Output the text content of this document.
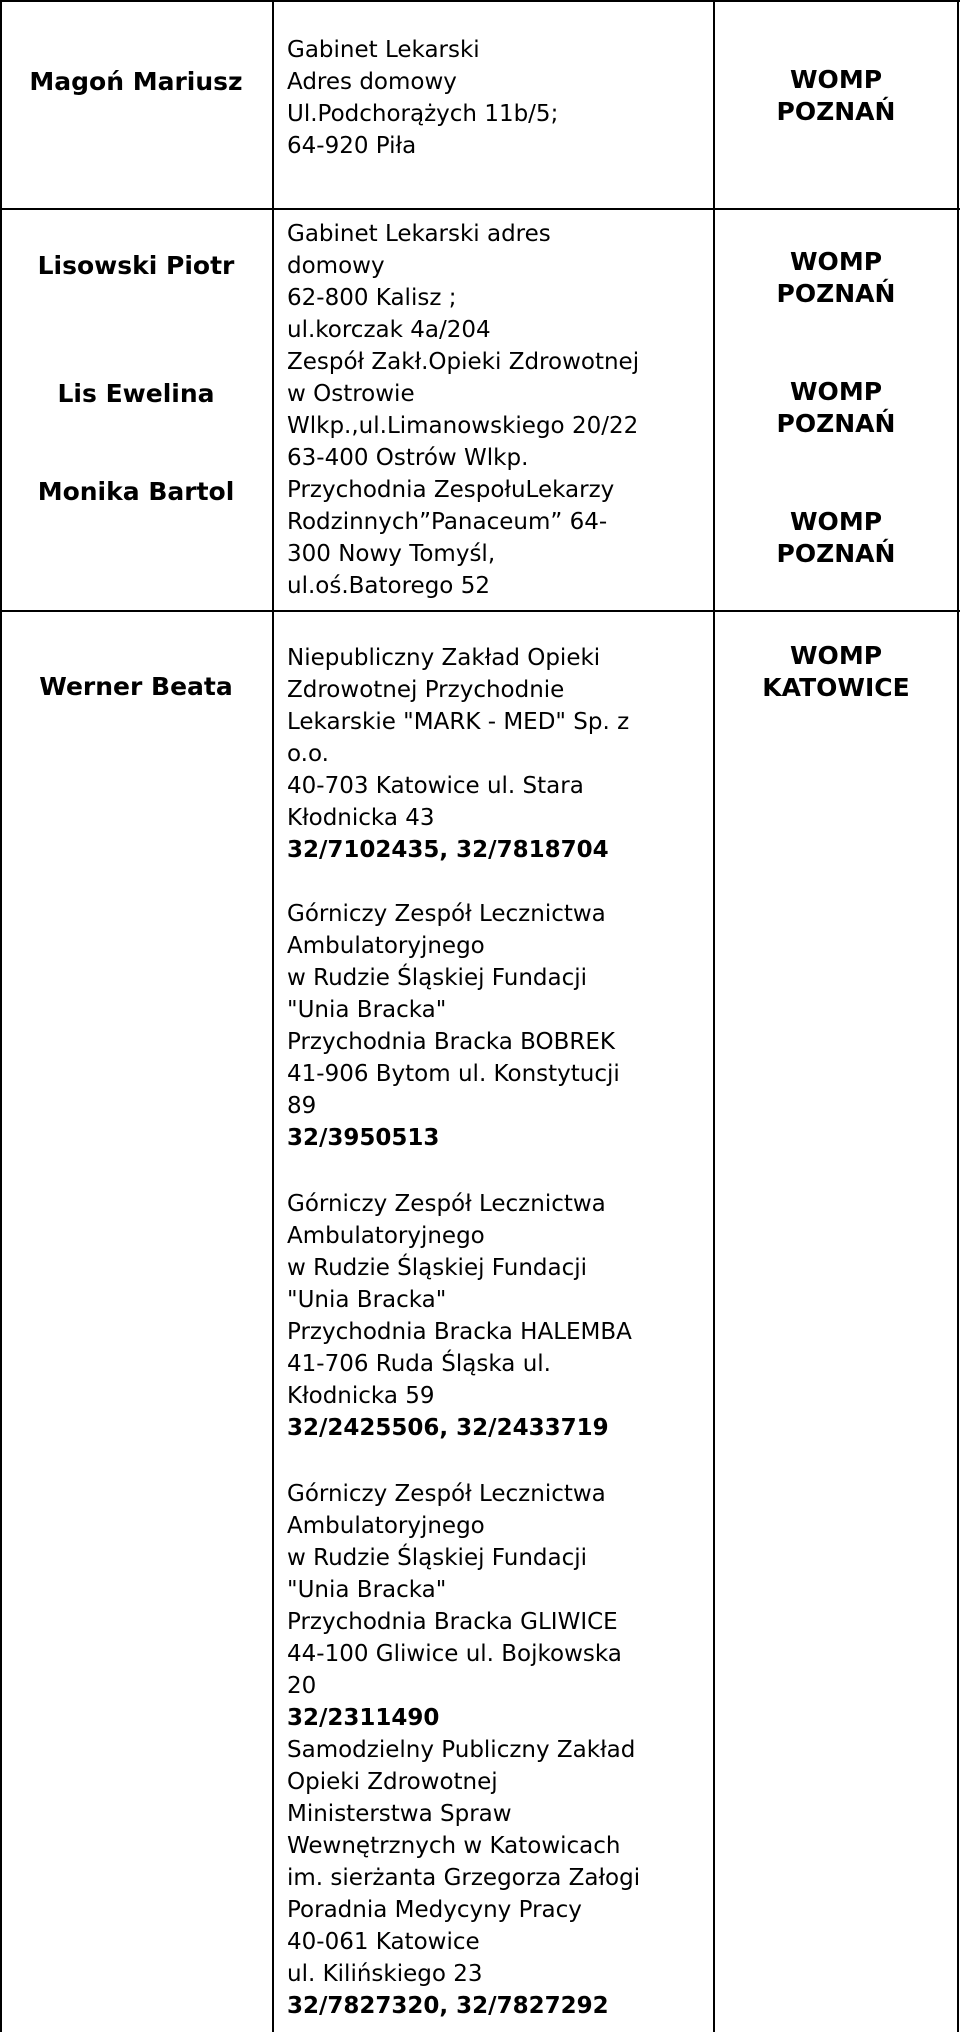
Magoń Mariusz
Gabinet Lekarski
Adres domowy
Ul.Podchorążych 11b/5;
64-920 Piła
WOMP
POZNAŃ
Lisowski Piotr
Lis Ewelina
Monika Bartol
Gabinet Lekarski adres
domowy
62-800 Kalisz ;
ul.korczak 4a/204
Zespół Zakł.Opieki Zdrowotnej
w Ostrowie
Wlkp.,ul.Limanowskiego 20/22
63-400 Ostrów Wlkp.
Przychodnia ZespołuLekarzy
Rodzinnych”Panaceum” 64-
300 Nowy Tomyśl,
ul.oś.Batorego 52
WOMP
POZNAŃ
WOMP
POZNAŃ
WOMP
POZNAŃ
Werner Beata
WOMP
KATOWICE
Niepubliczny Zakład Opieki
Zdrowotnej Przychodnie
Lekarskie "MARK - MED" Sp. z
o.o.
40-703 Katowice ul. Stara
Kłodnicka 43
32/7102435, 32/7818704
Górniczy Zespół Lecznictwa
Ambulatoryjnego
w Rudzie Śląskiej Fundacji
"Unia Bracka"
Przychodnia Bracka BOBREK
41-906 Bytom ul. Konstytucji
89
32/3950513
Górniczy Zespół Lecznictwa
Ambulatoryjnego
w Rudzie Śląskiej Fundacji
"Unia Bracka"
Przychodnia Bracka HALEMBA
41-706 Ruda Śląska ul.
Kłodnicka 59
32/2425506, 32/2433719
Górniczy Zespół Lecznictwa
Ambulatoryjnego
w Rudzie Śląskiej Fundacji
"Unia Bracka"
Przychodnia Bracka GLIWICE
44-100 Gliwice ul. Bojkowska
20
32/2311490
Samodzielny Publiczny Zakład
Opieki Zdrowotnej
Ministerstwa Spraw
Wewnętrznych w Katowicach
im. sierżanta Grzegorza Załogi
Poradnia Medycyny Pracy
40-061 Katowice
ul. Kilińskiego 23
32/7827320, 32/7827292
